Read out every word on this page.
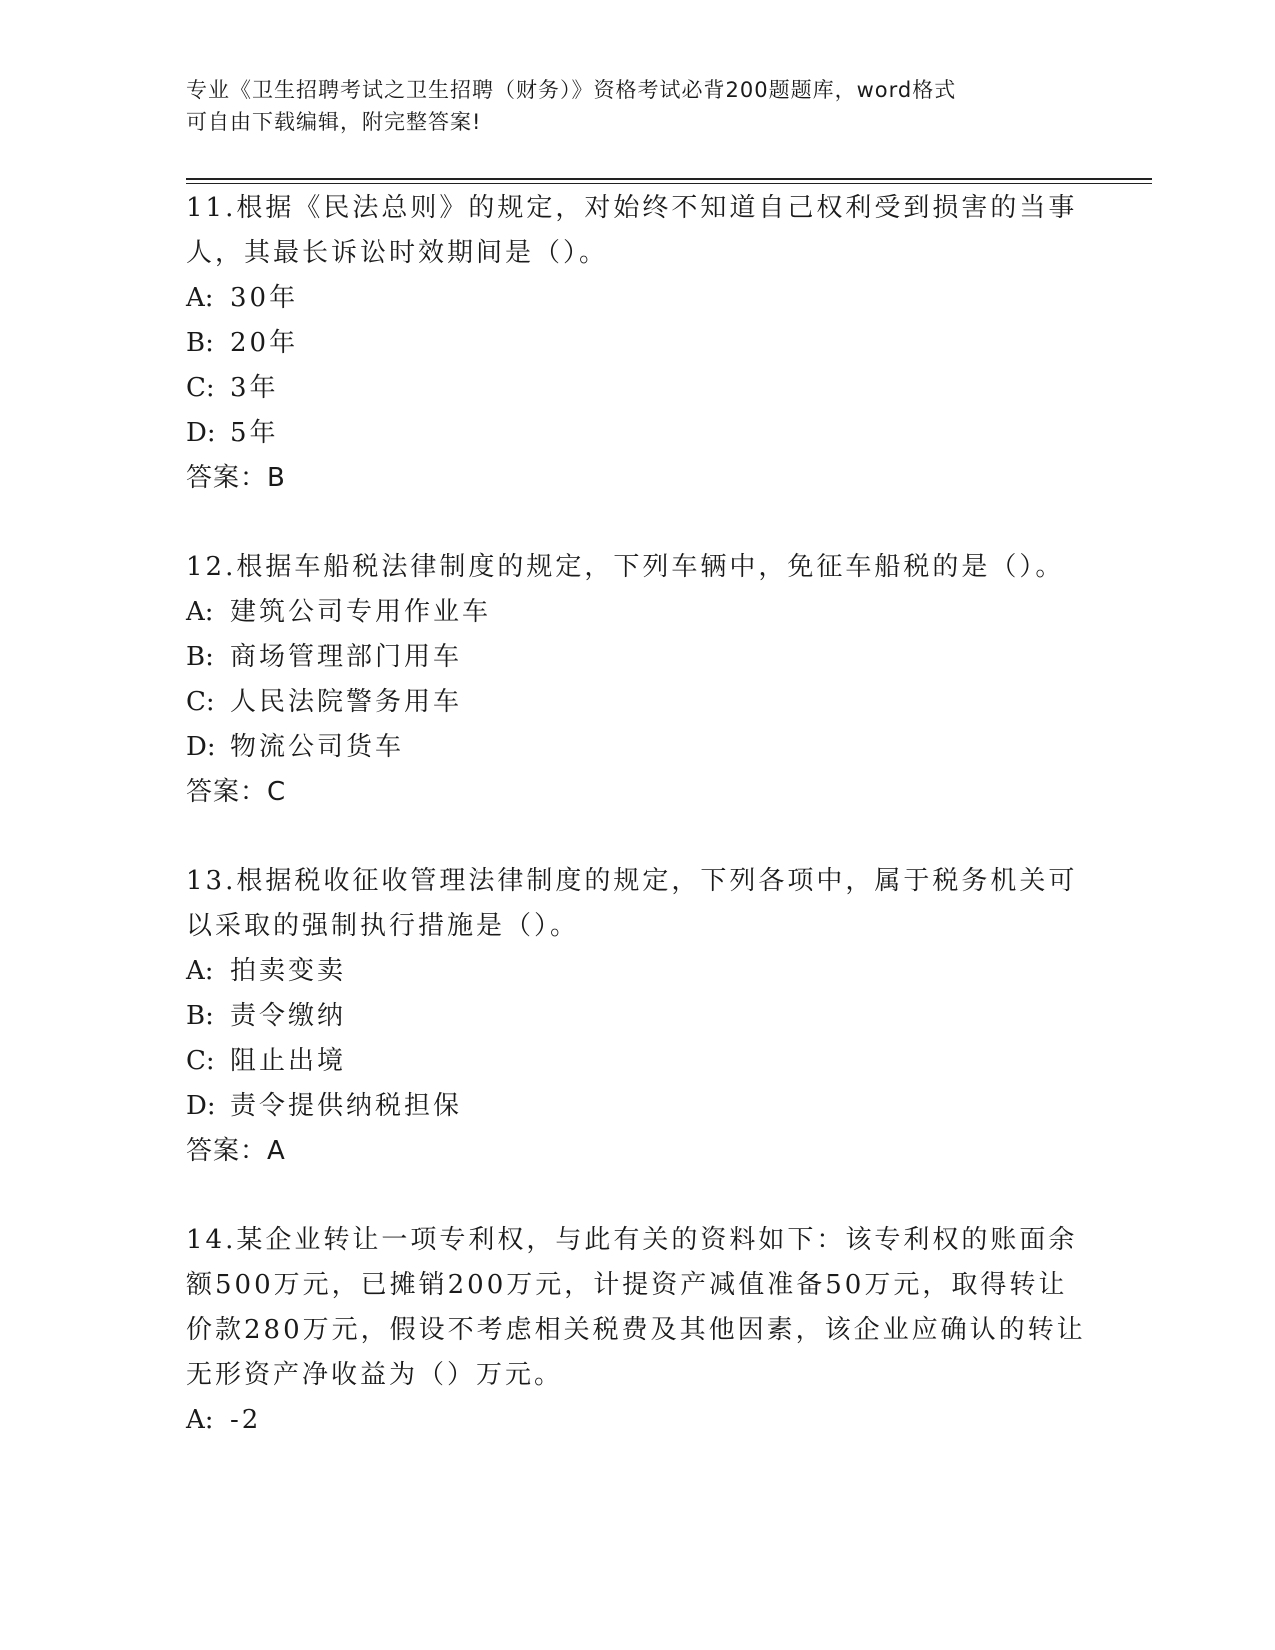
专业《卫生招聘考试之卫生招聘（财务）》资格考试必背200题题库，word格式
可自由下载编辑，附完整答案!

11.根据《民法总则》的规定，对始终不知道自己权利受到损害的当事人，其最长诉讼时效期间是（）。

A: 30年

B: 20年

C: 3年

D: 5年

答案：B

12.根据车船税法律制度的规定，下列车辆中，免征车船税的是（）。

A: 建筑公司专用作业车

B: 商场管理部门用车

C: 人民法院警务用车

D: 物流公司货车

答案：C

13.根据税收征收管理法律制度的规定，下列各项中，属于税务机关可以采取的强制执行措施是（）。

A: 拍卖变卖

B: 责令缴纳

C: 阻止出境

D: 责令提供纳税担保

答案：A

14.某企业转让一项专利权，与此有关的资料如下：该专利权的账面余额500万元，已摊销200万元，计提资产减值准备50万元，取得转让价款280万元，假设不考虑相关税费及其他因素，该企业应确认的转让无形资产净收益为（）万元。

A: -2
